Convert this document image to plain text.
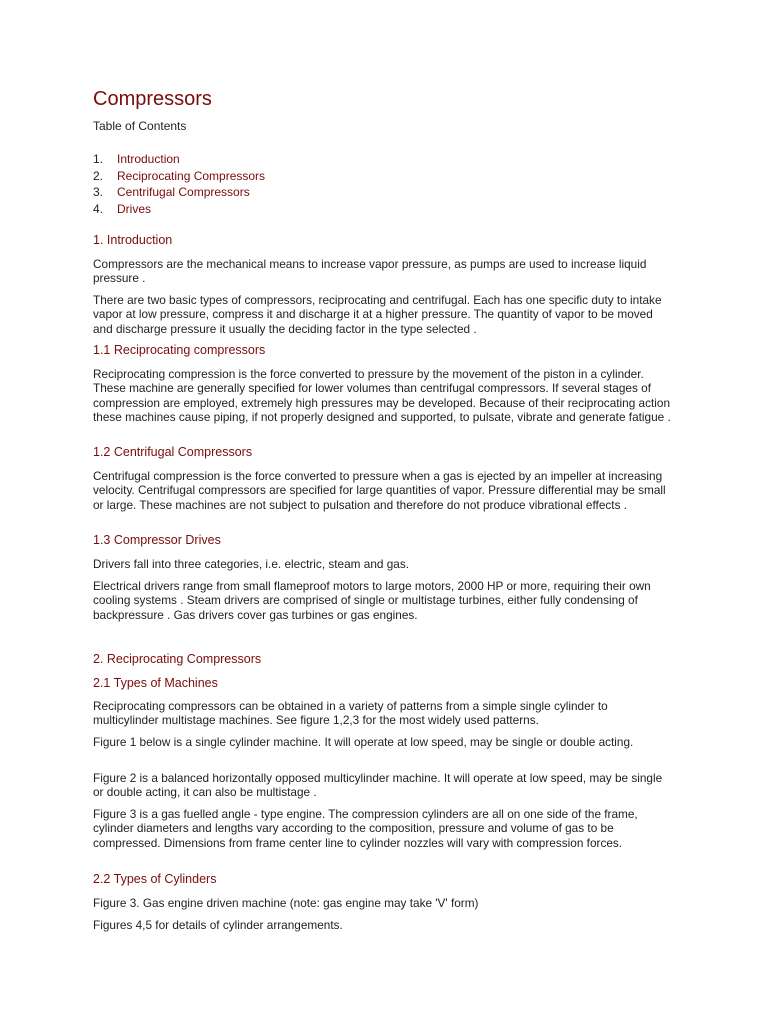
Compressors
Table of Contents
1. Introduction
2. Reciprocating Compressors
3. Centrifugal Compressors
4. Drives
1. Introduction
Compressors are the mechanical means to increase vapor pressure, as pumps are used to increase liquid pressure .
There are two basic types of compressors, reciprocating and centrifugal. Each has one specific duty to intake vapor at low pressure, compress it and discharge it at a higher pressure. The quantity of vapor to be moved and discharge pressure it usually the deciding factor in the type selected .
1.1 Reciprocating compressors
Reciprocating compression is the force converted to pressure by the movement of the piston in a cylinder. These machine are generally specified for lower volumes than centrifugal compressors. If several stages of compression are employed, extremely high pressures may be developed. Because of their reciprocating action these machines cause piping, if not properly designed and supported, to pulsate, vibrate and generate fatigue .
1.2 Centrifugal Compressors
Centrifugal compression is the force converted to pressure when a gas is ejected by an impeller at increasing velocity. Centrifugal compressors are specified for large quantities of vapor. Pressure differential may be small or large. These machines are not subject to pulsation and therefore do not produce vibrational effects .
1.3 Compressor Drives
Drivers fall into three categories, i.e. electric, steam and gas.
Electrical drivers range from small flameproof motors to large motors, 2000 HP or more, requiring their own cooling systems . Steam drivers are comprised of single or multistage turbines, either fully condensing of backpressure . Gas drivers cover gas turbines or gas engines.
2. Reciprocating Compressors
2.1 Types of Machines
Reciprocating compressors can be obtained in a variety of patterns from a simple single cylinder to multicylinder multistage machines. See figure 1,2,3 for the most widely used patterns.
Figure 1 below is a single cylinder machine. It will operate at low speed, may be single or double acting.
Figure 2 is a balanced horizontally opposed multicylinder machine. It will operate at low speed, may be single or double acting, it can also be multistage .
Figure 3 is a gas fuelled angle - type engine. The compression cylinders are all on one side of the frame, cylinder diameters and lengths vary according to the composition, pressure and volume of gas to be compressed. Dimensions from frame center line to cylinder nozzles will vary with compression forces.
2.2 Types of Cylinders
Figure 3. Gas engine driven machine (note: gas engine may take 'V' form)
Figures 4,5 for details of cylinder arrangements.
